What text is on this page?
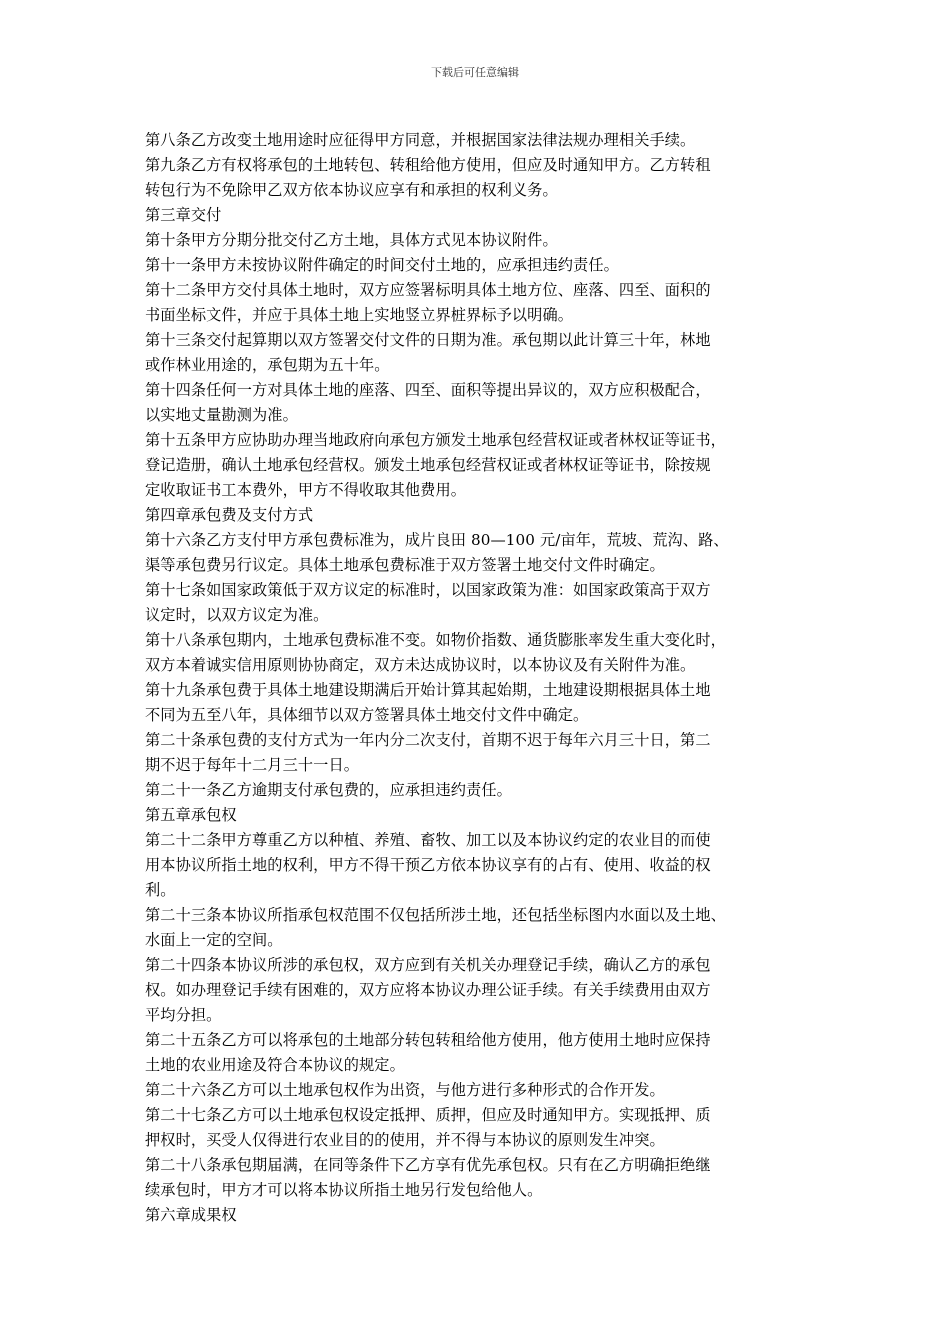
下载后可任意编辑
第八条乙方改变土地用途时应征得甲方同意，并根据国家法律法规办理相关手续。
第九条乙方有权将承包的土地转包、转租给他方使用，但应及时通知甲方。乙方转租
转包行为不免除甲乙双方依本协议应享有和承担的权利义务。
第三章交付
第十条甲方分期分批交付乙方土地，具体方式见本协议附件。
第十一条甲方未按协议附件确定的时间交付土地的，应承担违约责任。
第十二条甲方交付具体土地时，双方应签署标明具体土地方位、座落、四至、面积的
书面坐标文件，并应于具体土地上实地竖立界桩界标予以明确。
第十三条交付起算期以双方签署交付文件的日期为准。承包期以此计算三十年，林地
或作林业用途的，承包期为五十年。
第十四条任何一方对具体土地的座落、四至、面积等提出异议的，双方应积极配合，
以实地丈量勘测为准。
第十五条甲方应协助办理当地政府向承包方颁发土地承包经营权证或者林权证等证书，
登记造册，确认土地承包经营权。颁发土地承包经营权证或者林权证等证书，除按规
定收取证书工本费外，甲方不得收取其他费用。
第四章承包费及支付方式
第十六条乙方支付甲方承包费标准为，成片良田 80—100 元/亩年，荒坡、荒沟、路、
渠等承包费另行议定。具体土地承包费标准于双方签署土地交付文件时确定。
第十七条如国家政策低于双方议定的标准时，以国家政策为准：如国家政策高于双方
议定时，以双方议定为准。
第十八条承包期内，土地承包费标准不变。如物价指数、通货膨胀率发生重大变化时，
双方本着诚实信用原则协协商定，双方未达成协议时，以本协议及有关附件为准。
第十九条承包费于具体土地建设期满后开始计算其起始期，土地建设期根据具体土地
不同为五至八年，具体细节以双方签署具体土地交付文件中确定。
第二十条承包费的支付方式为一年内分二次支付，首期不迟于每年六月三十日，第二
期不迟于每年十二月三十一日。
第二十一条乙方逾期支付承包费的，应承担违约责任。
第五章承包权
第二十二条甲方尊重乙方以种植、养殖、畜牧、加工以及本协议约定的农业目的而使
用本协议所指土地的权利，甲方不得干预乙方依本协议享有的占有、使用、收益的权
利。
第二十三条本协议所指承包权范围不仅包括所涉土地，还包括坐标图内水面以及土地、
水面上一定的空间。
第二十四条本协议所涉的承包权，双方应到有关机关办理登记手续，确认乙方的承包
权。如办理登记手续有困难的，双方应将本协议办理公证手续。有关手续费用由双方
平均分担。
第二十五条乙方可以将承包的土地部分转包转租给他方使用，他方使用土地时应保持
土地的农业用途及符合本协议的规定。
第二十六条乙方可以土地承包权作为出资，与他方进行多种形式的合作开发。
第二十七条乙方可以土地承包权设定抵押、质押，但应及时通知甲方。实现抵押、质
押权时，买受人仅得进行农业目的的使用，并不得与本协议的原则发生冲突。
第二十八条承包期届满，在同等条件下乙方享有优先承包权。只有在乙方明确拒绝继
续承包时，甲方才可以将本协议所指土地另行发包给他人。
第六章成果权
